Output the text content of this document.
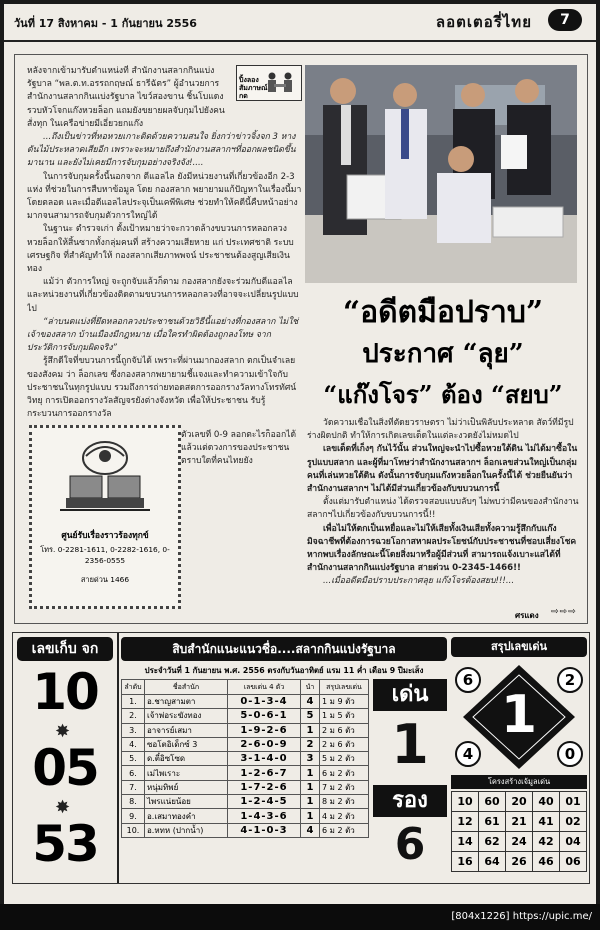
วันที่ 17 สิงหาคม - 1 กันยายน 2556	ลอตเตอรี่ไทย	7
ปิ้งลอง สัมภาษณ์กด

หลังจากเข้ามารับตำแหน่งที่ สำนักงานสลากกินแบ่งรัฐบาล “พล.ต.ท.อรรถกฤษณ์ ธารีฉัตร” ผู้อำนวยการสำนักงานสลากกินแบ่งรัฐบาล ไขว์สองขาน ชิ้นโบแดง รวบหัวโจกแก๊งหวยล็อก แถมยังขยายผลจับกุมไปยังคนสั่งทุก ในเครือข่ายมีเอี่ยวยกแก๊ง

...ถึงเป็นข่าวที่หอหวยเกาะติดด้วยความสนใจ ยิ่งกว่าข่าวจิ้งจก 3 หาง ตันไม้ประหลาดเสียอีก เพราะจะหมายถึงสำนักงานสลากฯที่ออกผลชนิดขึ้นมานาน และยังไม่เคยมีการจับกุมอย่างจริงจัง!....

ในการจับกุมครั้งนี้นอกจาก ตีแอลไล ยังมีหน่วยงานที่เกี่ยวข้องอีก 2-3 แห่ง ที่ช่วยในการสืบหาข้อมูล โดย กองสลาก พยายามแก้ปัญหาในเรื่องนี้มาโดยตลอด และเมื่อตีแอลไลประจุเป็นเคพีพิเศษ ช่วยทำให้คดีนี้คืบหน้าอย่างมากจนสามารถจับกุมตัวการใหญ่ได้

ในฐานะ ตำรวจเก่า ตั้งเป้าหมายว่าจะกวาดล้างขบวนการหลอกลวงหวยล็อกให้สิ้นซากทั้งกลุ่มคนที่ สร้างความเสียหาย แก่ ประเทศชาติ ระบบเศรษฐกิจ ที่สำคัญทำให้ กองสลากเสียภาพพจน์ ประชาชนต้องสูญเสียเงินทอง

แม้ว่า ตัวการใหญ่ จะถูกจับแล้วก็ตาม กองสลากยังจะร่วมกับตีแอลไล และหน่วยงานที่เกี่ยวข้องติดตามขบวนการหลอกลวงที่อาจจะเปลี่ยนรูปแบบไป

“ล่าบนตแบ่งที่ยึดหลอกลวงประชาชนด้วยวิธีนี้แอย่างที่กองสลาก ไม่ใช่เจ้าของสลาก บ้านเมืองมีกฎหมาย เมื่อใครทำผิดต้องถูกลงโทษ จากประวัติการจับกุมผิดจริง”

รู้สึกดีใจที่ขบวนการนี้ถูกจับได้ เพราะที่ผ่านมากองสลาก ตกเป็นจำเลยของสังคม ว่า ล็อกเลข ซึ่งกองสลากพยายามชี้แจงและทำความเข้าใจกับประชาชนในทุกรูปแบบ รวมถึงการถ่ายทอดสดการออกรางวัลทางโทรทัศน์ วิทยุ การเปิดออกรางวัลสัญจรยังต่างจังหวัด เพื่อให้ประชาชน รับรู้กระบวนการออกรางวัล

ศูนย์รับเรื่องราวร้องทุกข์
โทร. 0-2281-1611, 0-2282-1616, 0-2356-0555
สายด่วน 1466

ตัวเลขที่ 0-9 ลอกตะไรก็ออกได้ แล้วแต่ดวงการของประชาชน ตราบใดที่คนไทยยัง

“อดีตมือปราบ”
ประกาศ “ลุย”
“แก๊งโจร” ต้อง “สยบ”

วัดความเชื่อในสิ่งที่ตัดยวราษตรา ไม่ว่าเป็นพิลับประหลาด สัตว์ที่มีรูปร่างผิดปกติ ทำให้การเกิดเลขเด็ดในแต่ละงวดยังไม่หมดไป

เลขเด็ดที่เก็งๆ กันไว้นั้น ส่วนใหญ่จะนำไปซื้อหวยใต้ดิน ไม่ได้มาซื้อในรูปแบบสลาก และผู้ที่มาโทษว่าสำนักงานสลากฯ ล็อกเลขส่วนใหญ่เป็นกลุ่มคนที่เล่นหวยใต้ดิน ดังนั้นการจับกุมแก๊งหวยล็อกในครั้งนี้ได้ ช่วยยืนยันว่าสำนักงานสลากฯ ไม่ได้มีส่วนเกี่ยวข้องกับขบวนการนี้

ตั้งแต่มารับตำแหน่ง ได้ตรวจสอบแบบลับๆ ไม่พบว่ามีคนของสำนักงานสลากฯไปเกี่ยวข้องกับขบวนการนี้!!

เพื่อไม่ให้ตกเป็นเหยื่อและไม่ให้เสียทั้งเงินเสียทั้งความรู้สึกกับแก๊งมิจฉาชีพที่ต้องการฉวยโอกาสหาผลประโยชน์กับประชาชนที่ชอบเสี่ยงโชค หากพบเรื่องลักษณะนี้โดยสิ่งมาหรือผู้มีส่วนที่ สามารถแจ้งเบาะแสได้ที่ สำนักงานสลากกินแบ่งรัฐบาล สายด่วน 0-2345-1466!!

...เมื่ออดีตมือปราบประกาศลุย แก๊งโจรต้องสยบ!!!...

ศรแดง ⇨⇨⇨
เลขเก็บ จก
10
✸
05
✸
53
สิบสำนักแนะแนวชื่อ....สลากกินแบ่งรัฐบาล
ประจำวันที่ 1 กันยายน พ.ศ. 2556 ตรงกับวันอาทิตย์ แรม 11 ค่ำ เดือน 9 ปีมะเส็ง
ลำดับ	ชื่อสำนัก	เลขเด่น 4 ตัว	นำ	สรุปเลขเด่น
1.	อ.ชาญสามตา	0-1-3-4	4	1 ม 9 ตัว
2.	เจ้าพ่อระฆังทอง	5-0-6-1	5	1 ม 5 ตัว
3.	อาจารย์เสมา	1-9-2-6	1	2 ม 6 ตัว
4.	ซอโตอิเด็กซ์ 3	2-6-0-9	2	2 ม 6 ตัว
5.	ด.ตี๋อิซโซด	3-1-4-0	3	5 ม 2 ตัว
6.	เม่ไพเราะ	1-2-6-7	1	6 ม 2 ตัว
7.	หนุ่มทิพย์	1-7-2-6	1	7 ม 2 ตัว
8.	ไพรแน่ยน้อย	1-2-4-5	1	8 ม 2 ตัว
9.	อ.เสมาทองคำ	1-4-3-6	1	4 ม 2 ตัว
10.	อ.หทห (ปากน้ำ)	4-1-0-3	4	6 ม 2 ตัว
เด่น
1
รอง
6
สรุปเลขเด่น
1
6	2
4	0
โครงสร้างเจ้มูลเด่น
10	60	20	40	01
12	61	21	41	02
14	62	24	42	04
16	64	26	46	06
[804x1226] https://upic.me/
